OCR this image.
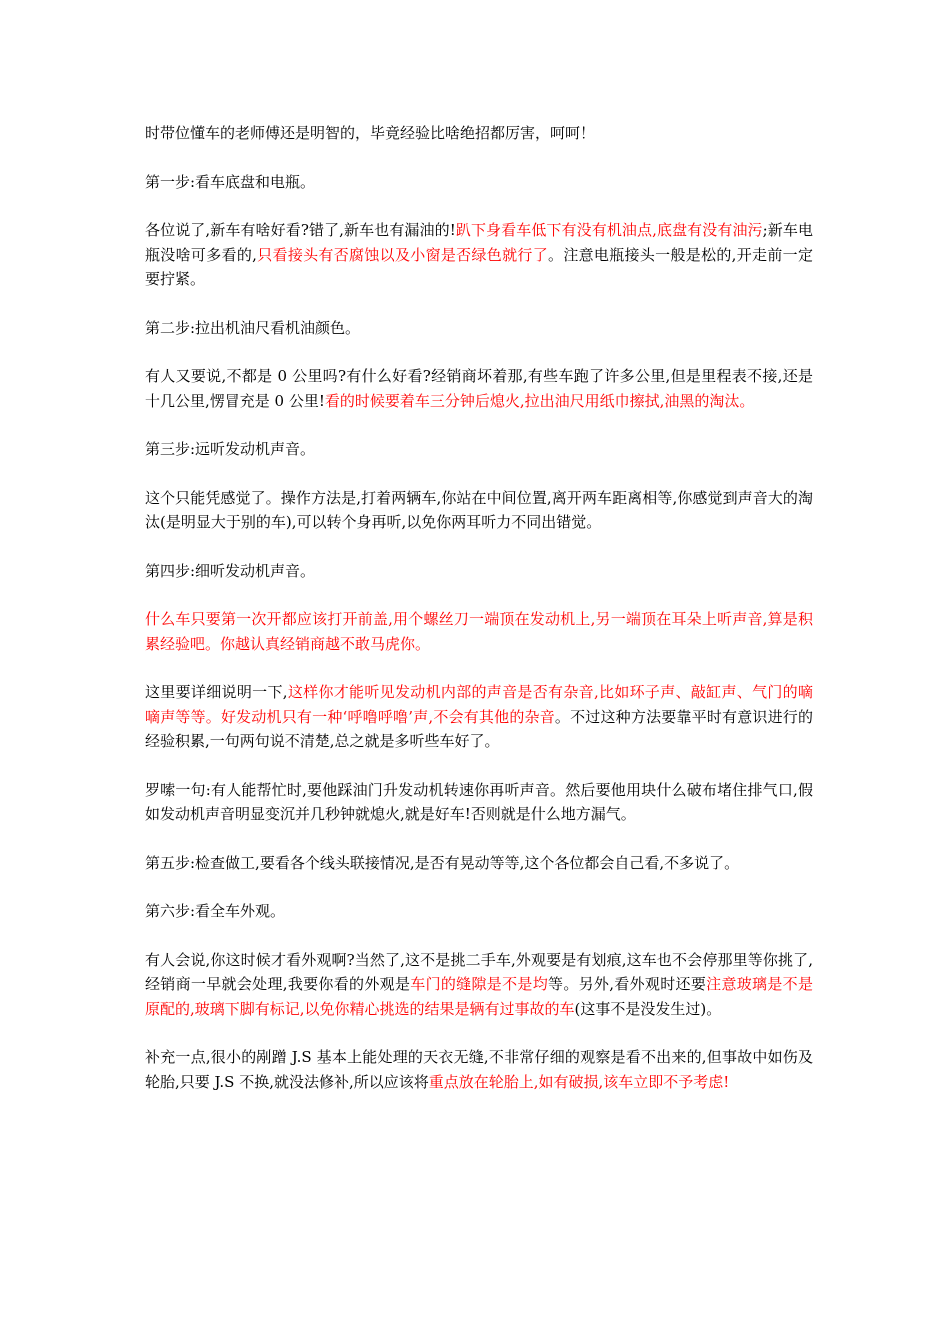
时带位懂车的老师傅还是明智的，毕竟经验比啥绝招都厉害，呵呵！

第一步:看车底盘和电瓶。

各位说了,新车有啥好看?错了,新车也有漏油的!趴下身看车低下有没有机油点,底盘有没有油污;新车电瓶没啥可多看的,只看接头有否腐蚀以及小窗是否绿色就行了。注意电瓶接头一般是松的,开走前一定要拧紧。

第二步:拉出机油尺看机油颜色。

有人又要说,不都是 0 公里吗?有什么好看?经销商坏着那,有些车跑了许多公里,但是里程表不接,还是十几公里,愣冒充是 0 公里!看的时候要着车三分钟后熄火,拉出油尺用纸巾擦拭,油黑的淘汰。

第三步:远听发动机声音。

这个只能凭感觉了。操作方法是,打着两辆车,你站在中间位置,离开两车距离相等,你感觉到声音大的淘汰(是明显大于别的车),可以转个身再听,以免你两耳听力不同出错觉。

第四步:细听发动机声音。

什么车只要第一次开都应该打开前盖,用个螺丝刀一端顶在发动机上,另一端顶在耳朵上听声音,算是积累经验吧。你越认真经销商越不敢马虎你。

这里要详细说明一下,这样你才能听见发动机内部的声音是否有杂音,比如环子声、敲缸声、气门的嘀嘀声等等。好发动机只有一种‘呼噜呼噜’声,不会有其他的杂音。不过这种方法要靠平时有意识进行的经验积累,一句两句说不清楚,总之就是多听些车好了。

罗嗦一句:有人能帮忙时,要他踩油门升发动机转速你再听声音。然后要他用块什么破布堵住排气口,假如发动机声音明显变沉并几秒钟就熄火,就是好车!否则就是什么地方漏气。

第五步:检查做工,要看各个线头联接情况,是否有晃动等等,这个各位都会自己看,不多说了。

第六步:看全车外观。

有人会说,你这时候才看外观啊?当然了,这不是挑二手车,外观要是有划痕,这车也不会停那里等你挑了,经销商一早就会处理,我要你看的外观是车门的缝隙是不是均等。另外,看外观时还要注意玻璃是不是原配的,玻璃下脚有标记,以免你精心挑选的结果是辆有过事故的车(这事不是没发生过)。

补充一点,很小的剐蹭 J.S 基本上能处理的天衣无缝,不非常仔细的观察是看不出来的,但事故中如伤及轮胎,只要 J.S 不换,就没法修补,所以应该将重点放在轮胎上,如有破损,该车立即不予考虑!
